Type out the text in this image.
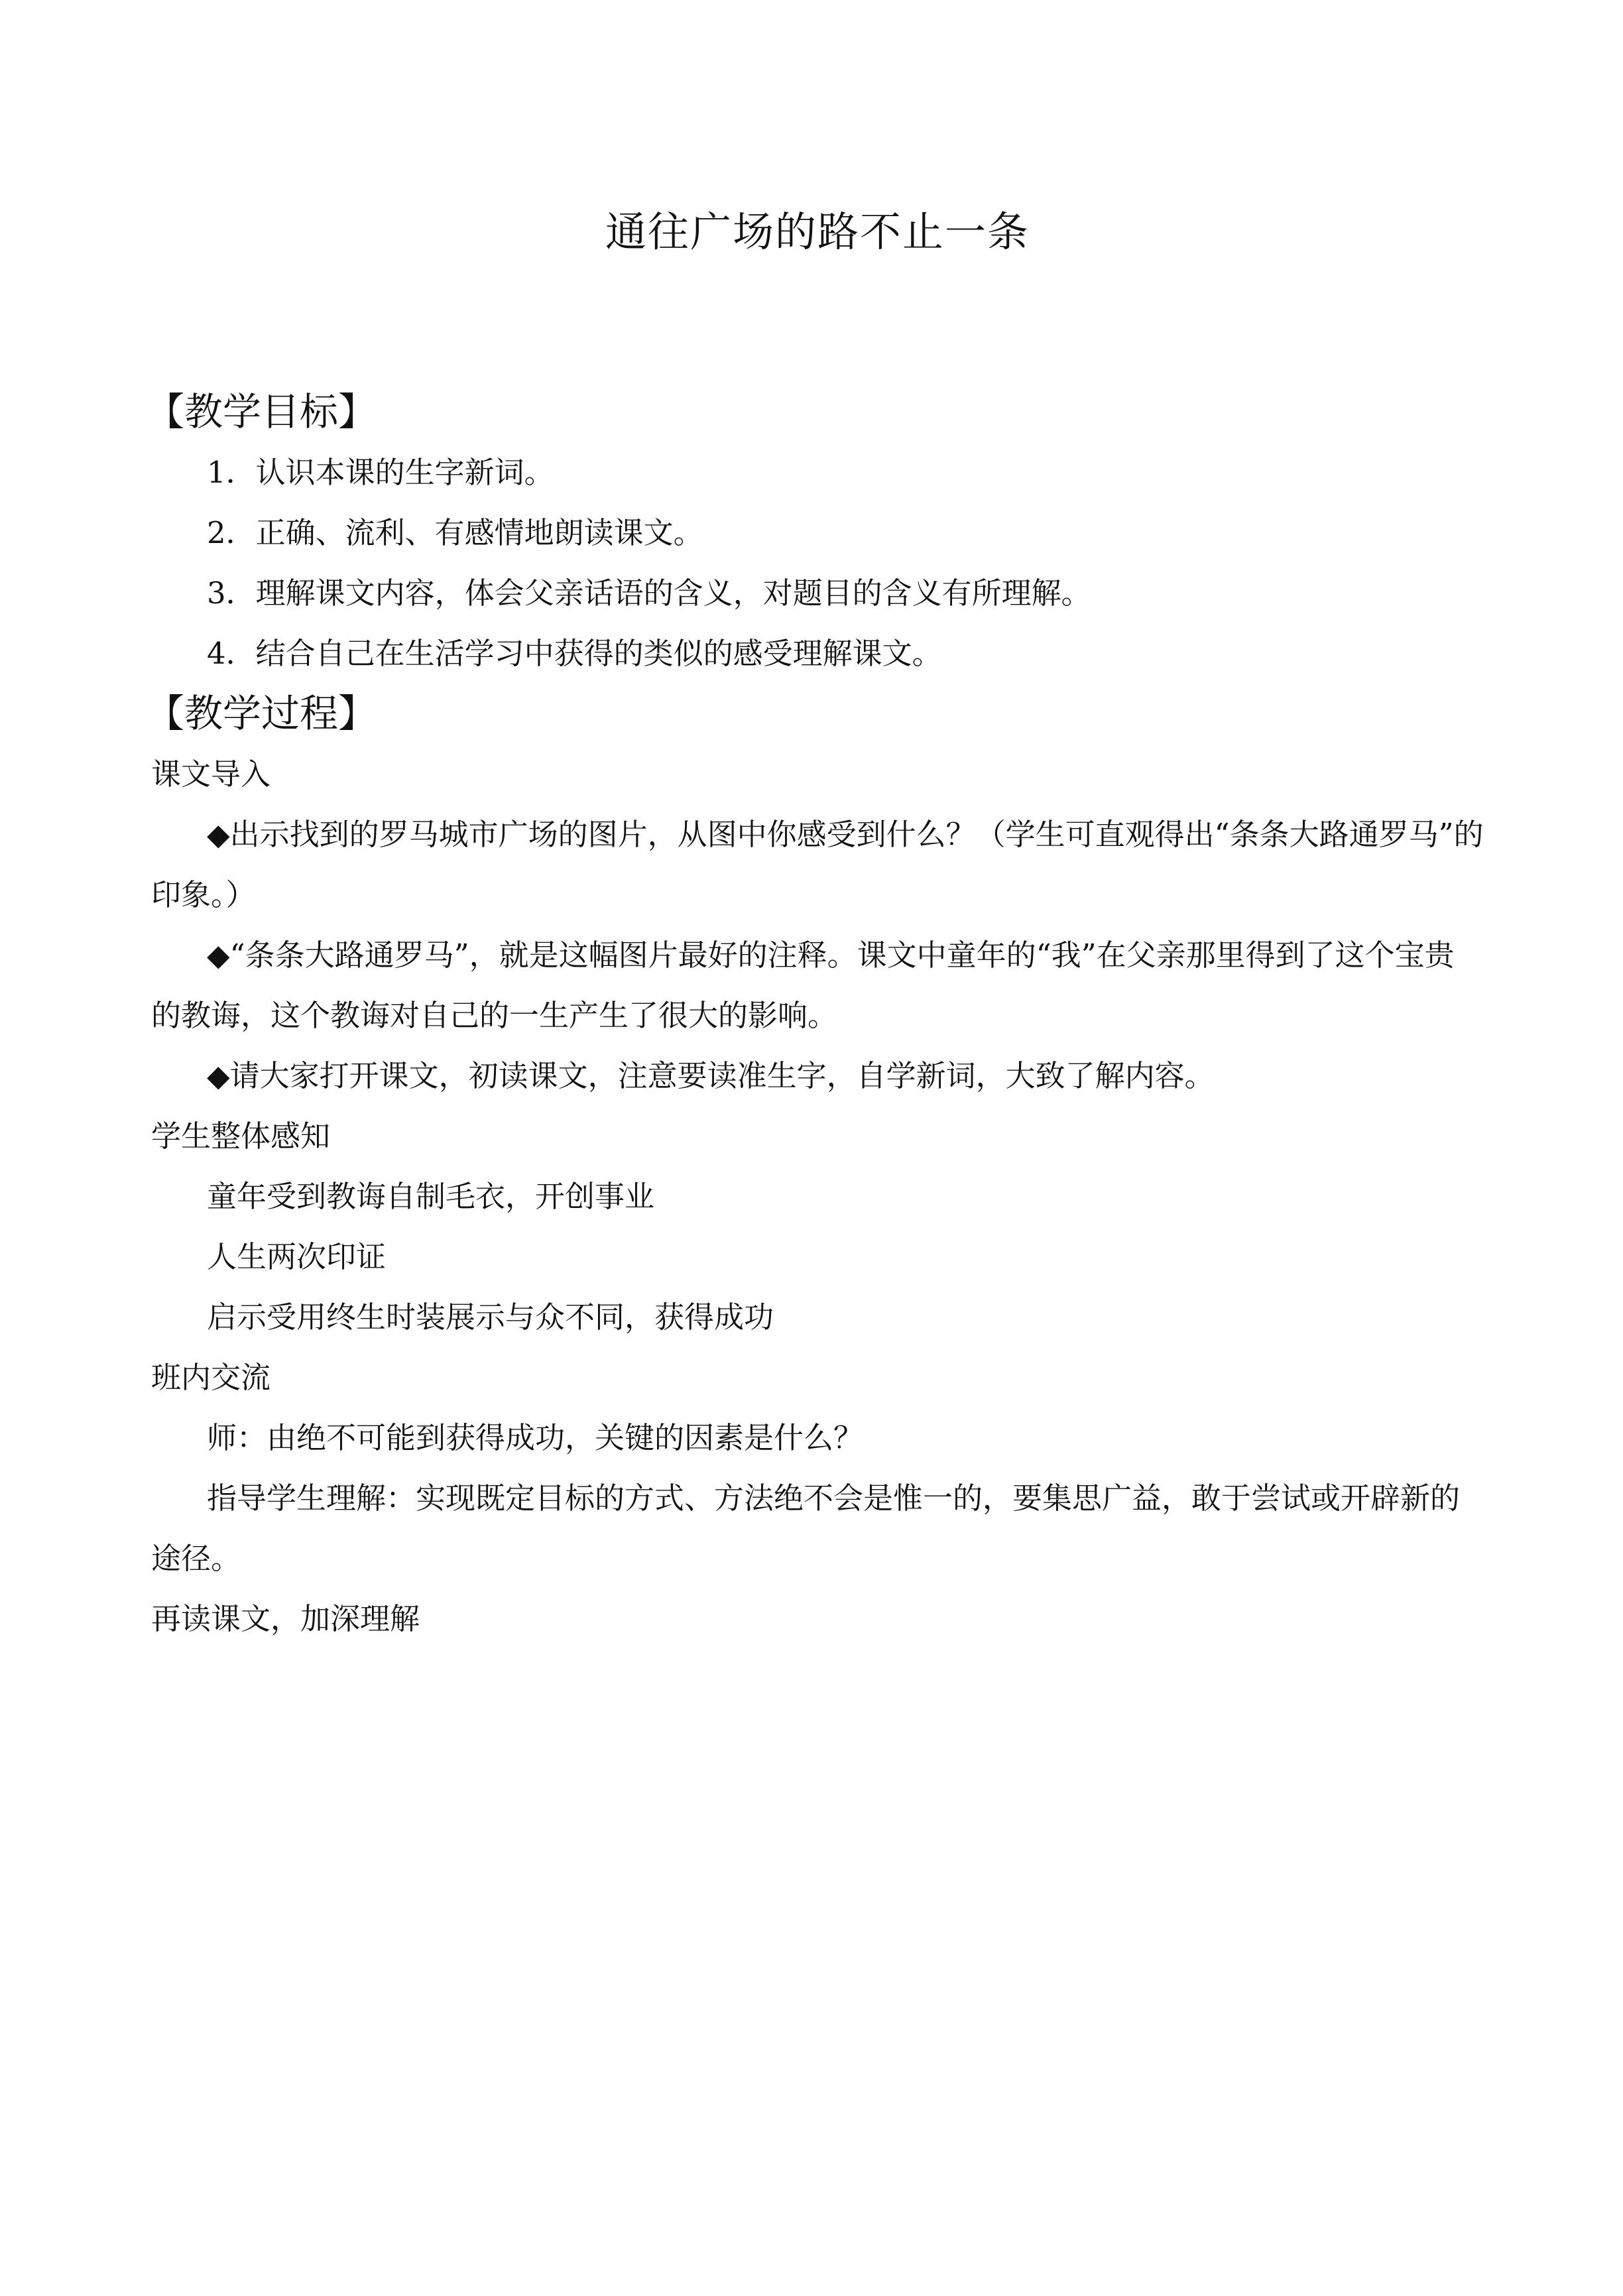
通往广场的路不止一条
【教学目标】
1．认识本课的生字新词。
2．正确、流利、有感情地朗读课文。
3．理解课文内容，体会父亲话语的含义，对题目的含义有所理解。
4．结合自己在生活学习中获得的类似的感受理解课文。
【教学过程】
课文导入

◆出示找到的罗马城市广场的图片，从图中你感受到什么？（学生可直观得出“条条大路通罗马”的印象。）

◆“条条大路通罗马”，就是这幅图片最好的注释。课文中童年的“我”在父亲那里得到了这个宝贵的教诲，这个教诲对自己的一生产生了很大的影响。

◆请大家打开课文，初读课文，注意要读准生字，自学新词，大致了解内容。

学生整体感知
童年受到教诲自制毛衣，开创事业
人生两次印证
启示受用终生时装展示与众不同，获得成功
班内交流

师：由绝不可能到获得成功，关键的因素是什么？

指导学生理解：实现既定目标的方式、方法绝不会是惟一的，要集思广益，敢于尝试或开辟新的途径。

再读课文，加深理解
